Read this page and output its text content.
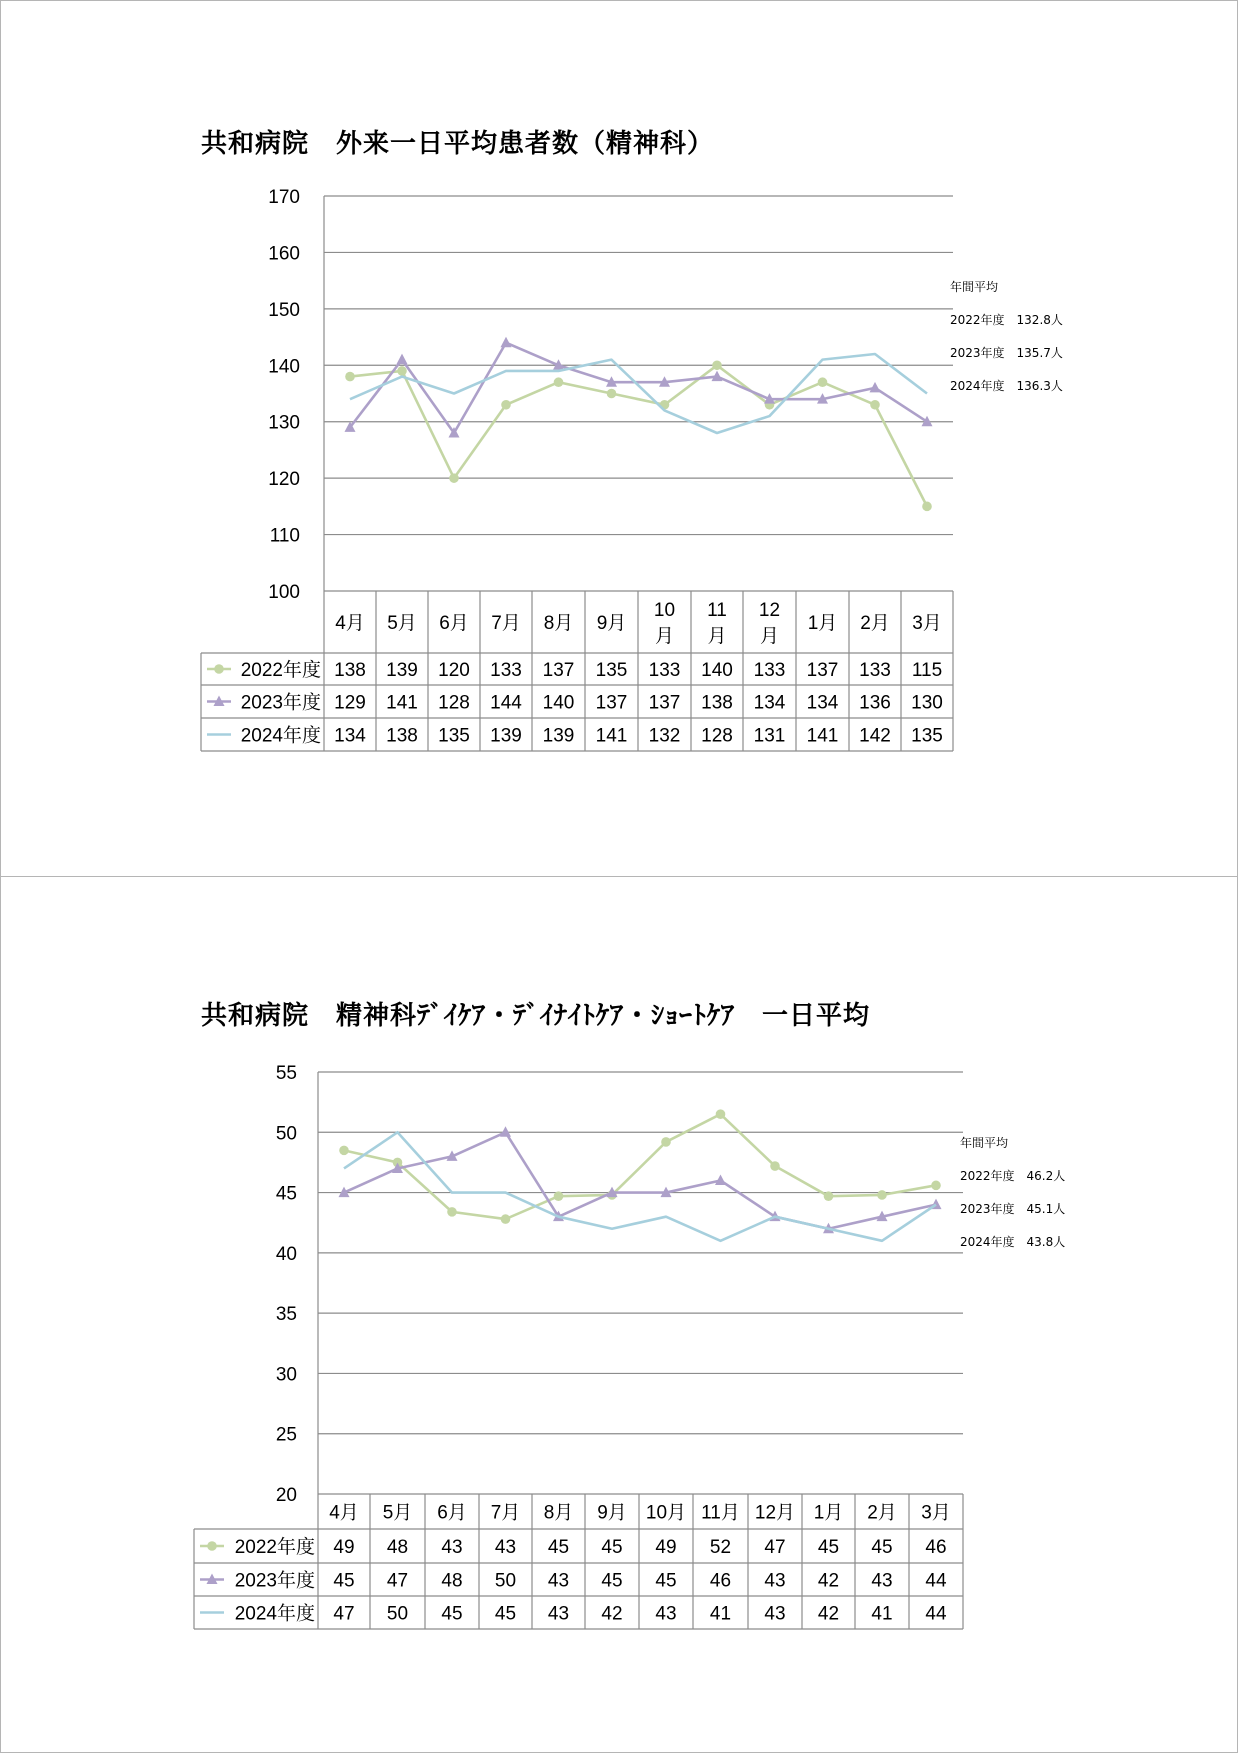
共和病院　外来一日平均患者数（精神科）
100
110
120
130
140
150
160
170
4月 5月 6月 7月 8月 9月
10
月
11
月
12
月
1月 2月 3月
2022年度 138 139 120 133 137 135 133 140 133 137 133 115
2023年度 129 141 128 144 140 137 137 138 134 134 136 130
2024年度 134 138 135 139 139 141 132 128 131 141 142 135
年間平均
2022年度　132.8人
2023年度　135.7人
2024年度　136.3人
共和病院　精神科ﾃﾞｲｹｱ・ﾃﾞｲﾅｲﾄｹｱ・ｼｮｰﾄｹｱ　一日平均
20
25
30
35
40
45
50
55
4月 5月 6月 7月 8月 9月 10月 11月 12月 1月 2月 3月
2022年度 49 48 43 43 45 45 49 52 47 45 45 46
2023年度 45 47 48 50 43 45 45 46 43 42 43 44
2024年度 47 50 45 45 43 42 43 41 43 42 41 44
年間平均
2022年度　46.2人
2023年度　45.1人
2024年度　43.8人
